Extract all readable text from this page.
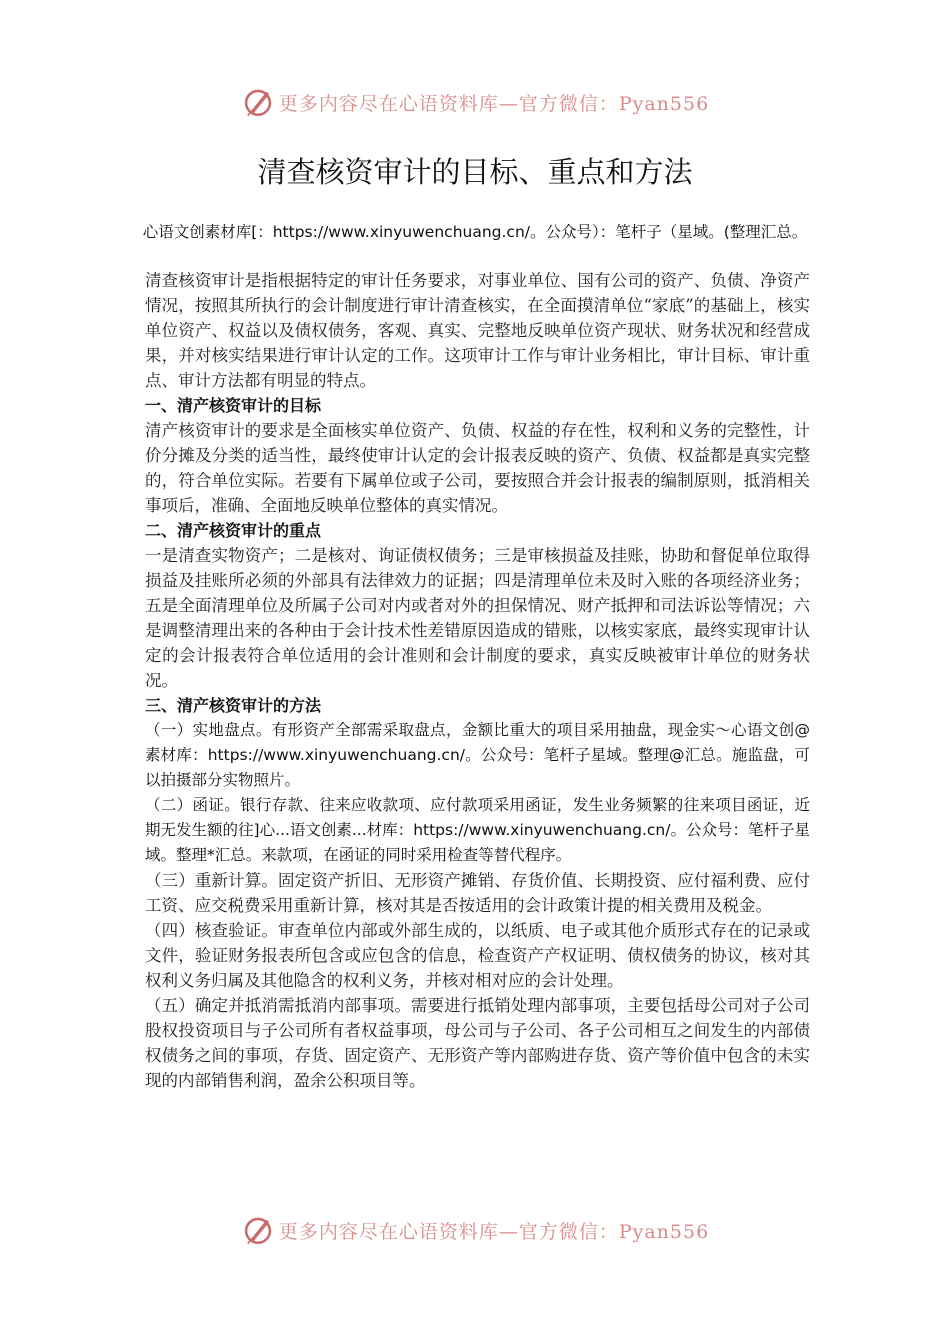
更多内容尽在心语资料库—官方微信：Pyan556
清查核资审计的目标、重点和方法
心语文创素材库[：https://www.xinyuwenchuang.cn/。公众号）：笔杆子（星域。(整理汇总。

清查核资审计是指根据特定的审计任务要求，对事业单位、国有公司的资产、负债、净资产情况，按照其所执行的会计制度进行审计清查核实，在全面摸清单位“家底”的基础上，核实单位资产、权益以及债权债务，客观、真实、完整地反映单位资产现状、财务状况和经营成果，并对核实结果进行审计认定的工作。这项审计工作与审计业务相比，审计目标、审计重点、审计方法都有明显的特点。

一、清产核资审计的目标

清产核资审计的要求是全面核实单位资产、负债、权益的存在性，权利和义务的完整性，计价分摊及分类的适当性，最终使审计认定的会计报表反映的资产、负债、权益都是真实完整的，符合单位实际。若要有下属单位或子公司，要按照合并会计报表的编制原则，抵消相关事项后，准确、全面地反映单位整体的真实情况。

二、清产核资审计的重点

一是清查实物资产；二是核对、询证债权债务；三是审核损益及挂账，协助和督促单位取得损益及挂账所必须的外部具有法律效力的证据；四是清理单位未及时入账的各项经济业务；五是全面清理单位及所属子公司对内或者对外的担保情况、财产抵押和司法诉讼等情况；六是调整清理出来的各种由于会计技术性差错原因造成的错账，以核实家底，最终实现审计认定的会计报表符合单位适用的会计准则和会计制度的要求，真实反映被审计单位的财务状况。

三、清产核资审计的方法

（一）实地盘点。有形资产全部需采取盘点，金额比重大的项目采用抽盘，现金实～心语文创@素材库：https://www.xinyuwenchuang.cn/。公众号：笔杆子星域。整理@汇总。施监盘，可以拍摄部分实物照片。

（二）函证。银行存款、往来应收款项、应付款项采用函证，发生业务频繁的往来项目函证，近期无发生额的往]心...语文创素...材库：https://www.xinyuwenchuang.cn/。公众号：笔杆子星域。整理*汇总。来款项，在函证的同时采用检查等替代程序。

（三）重新计算。固定资产折旧、无形资产摊销、存货价值、长期投资、应付福利费、应付工资、应交税费采用重新计算，核对其是否按适用的会计政策计提的相关费用及税金。

（四）核查验证。审查单位内部或外部生成的，以纸质、电子或其他介质形式存在的记录或文件，验证财务报表所包含或应包含的信息，检查资产产权证明、债权债务的协议，核对其权利义务归属及其他隐含的权利义务，并核对相对应的会计处理。

（五）确定并抵消需抵消内部事项。需要进行抵销处理内部事项，主要包括母公司对子公司股权投资项目与子公司所有者权益事项，母公司与子公司、各子公司相互之间发生的内部债权债务之间的事项，存货、固定资产、无形资产等内部购进存货、资产等价值中包含的未实现的内部销售利润，盈余公积项目等。

更多内容尽在心语资料库—官方微信：Pyan556
